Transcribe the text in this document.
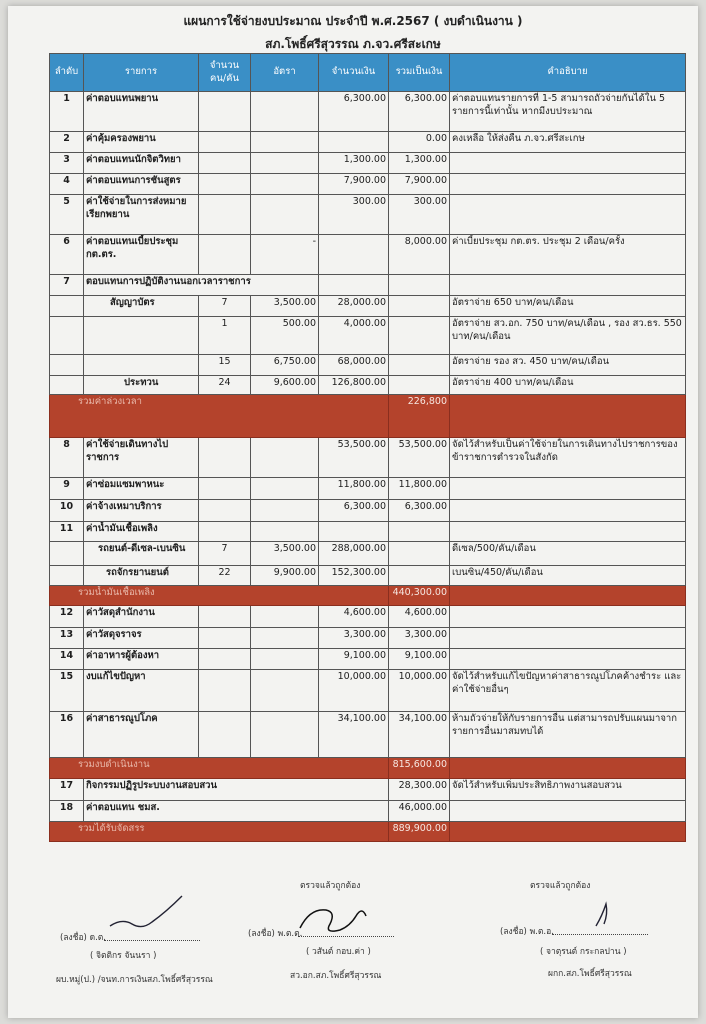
แผนการใช้จ่ายงบประมาณ ประจำปี พ.ศ.2567 ( งบดำเนินงาน )
สภ.โพธิ์ศรีสุวรรณ ภ.จว.ศรีสะเกษ
ลำดับ	รายการ	จำนวน คน/คัน	อัตรา	จำนวนเงิน	รวมเป็นเงิน	คำอธิบาย
1	ค่าตอบแทนพยาน			6,300.00	6,300.00	ค่าตอบแทนรายการที่ 1-5 สามารถถัวจ่ายกันได้ใน 5 รายการนี้เท่านั้น หากมีงบประมาณ
2	ค่าคุ้มครองพยาน				0.00	คงเหลือ ให้ส่งคืน ภ.จว.ศรีสะเกษ
3	ค่าตอบแทนนักจิตวิทยา			1,300.00	1,300.00	
4	ค่าตอบแทนการชันสูตร			7,900.00	7,900.00	
5	ค่าใช้จ่ายในการส่งหมายเรียกพยาน			300.00	300.00	
6	ค่าตอบแทนเบี้ยประชุม กต.ตร.		-		8,000.00	ค่าเบี้ยประชุม กต.ตร. ประชุม 2 เดือน/ครั้ง
7	ตอบแทนการปฏิบัติงานนอกเวลาราชการ					
	สัญญาบัตร	7	3,500.00	28,000.00		อัตราจ่าย 650 บาท/คน/เดือน
		1	500.00	4,000.00		อัตราจ่าย สว.อก. 750 บาท/คน/เดือน , รอง สว.ธร. 550 บาท/คน/เดือน
		15	6,750.00	68,000.00		อัตราจ่าย รอง สว. 450 บาท/คน/เดือน
	ประทวน	24	9,600.00	126,800.00		อัตราจ่าย 400 บาท/คน/เดือน
รวมค่าล่วงเวลา					226,800	
8	ค่าใช้จ่ายเดินทางไปราชการ			53,500.00	53,500.00	จัดไว้สำหรับเป็นค่าใช้จ่ายในการเดินทางไปราชการของข้าราชการตำรวจในสังกัด
9	ค่าซ่อมแซมพาหนะ			11,800.00	11,800.00	
10	ค่าจ้างเหมาบริการ			6,300.00	6,300.00	
11	ค่าน้ำมันเชื้อเพลิง					
	รถยนต์-ดีเซล-เบนซิน	7	3,500.00	288,000.00		ดีเซล/500/คัน/เดือน
	รถจักรยานยนต์	22	9,900.00	152,300.00		เบนซิน/450/คัน/เดือน
รวมน้ำมันเชื้อเพลิง					440,300.00	
12	ค่าวัสดุสำนักงาน			4,600.00	4,600.00	
13	ค่าวัสดุจราจร			3,300.00	3,300.00	
14	ค่าอาหารผู้ต้องหา			9,100.00	9,100.00	
15	งบแก้ไขปัญหา			10,000.00	10,000.00	จัดไว้สำหรับแก้ไขปัญหาค่าสาธารณูปโภคค้างชำระ และค่าใช้จ่ายอื่นๆ
16	ค่าสาธารณูปโภค			34,100.00	34,100.00	ห้ามถัวจ่ายให้กับรายการอื่น แต่สามารถปรับแผนมาจากรายการอื่นมาสมทบได้
รวมงบดำเนินงาน					815,600.00	
17	กิจกรรมปฏิรูประบบงานสอบสวน				28,300.00	จัดไว้สำหรับเพิ่มประสิทธิภาพงานสอบสวน
18	ค่าตอบแทน ชมส.				46,000.00	
รวมได้รับจัดสรร					889,900.00	
ตรวจแล้วถูกต้อง	ตรวจแล้วถูกต้อง
(ลงชื่อ) ด.ต.
( จิตติกร จันนรา )
ผบ.หมู่(ป.) /จนท.การเงินสภ.โพธิ์ศรีสุวรรณ
(ลงชื่อ) พ.ต.ต.
( วสันต์ กอบ.ค่า )
สว.อก.สภ.โพธิ์ศรีสุวรรณ
(ลงชื่อ) พ.ต.อ.
( จาตุรนต์ กระกลปาน )
ผกก.สภ.โพธิ์ศรีสุวรรณ
